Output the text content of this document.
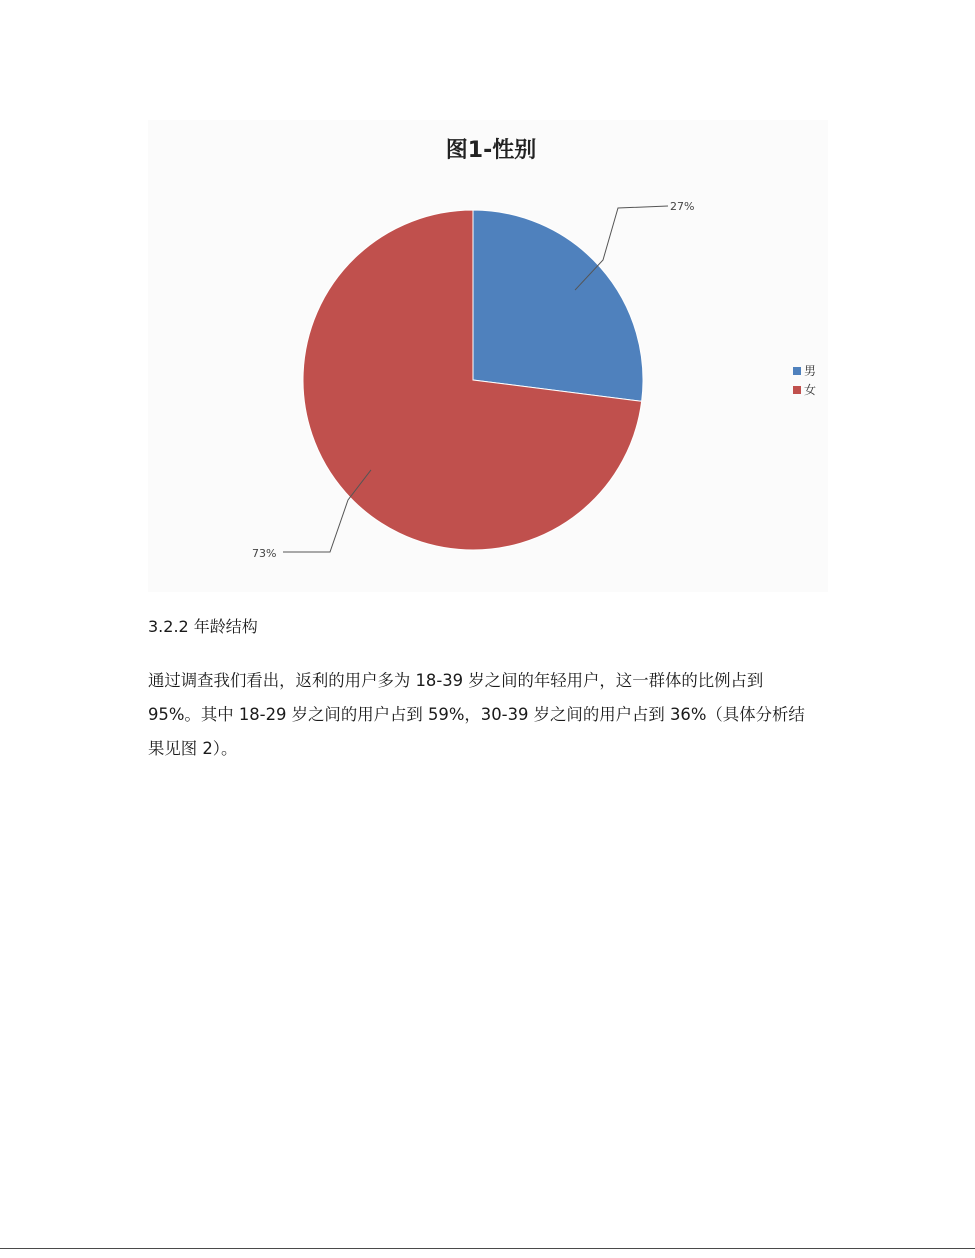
图1-性别
男
女
27%
73%
3.2.2 年龄结构
通过调查我们看出，返利的用户多为 18-39 岁之间的年轻用户，这一群体的比例占到
95%。其中 18-29 岁之间的用户占到 59%，30-39 岁之间的用户占到 36%（具体分析结
果见图 2）。
